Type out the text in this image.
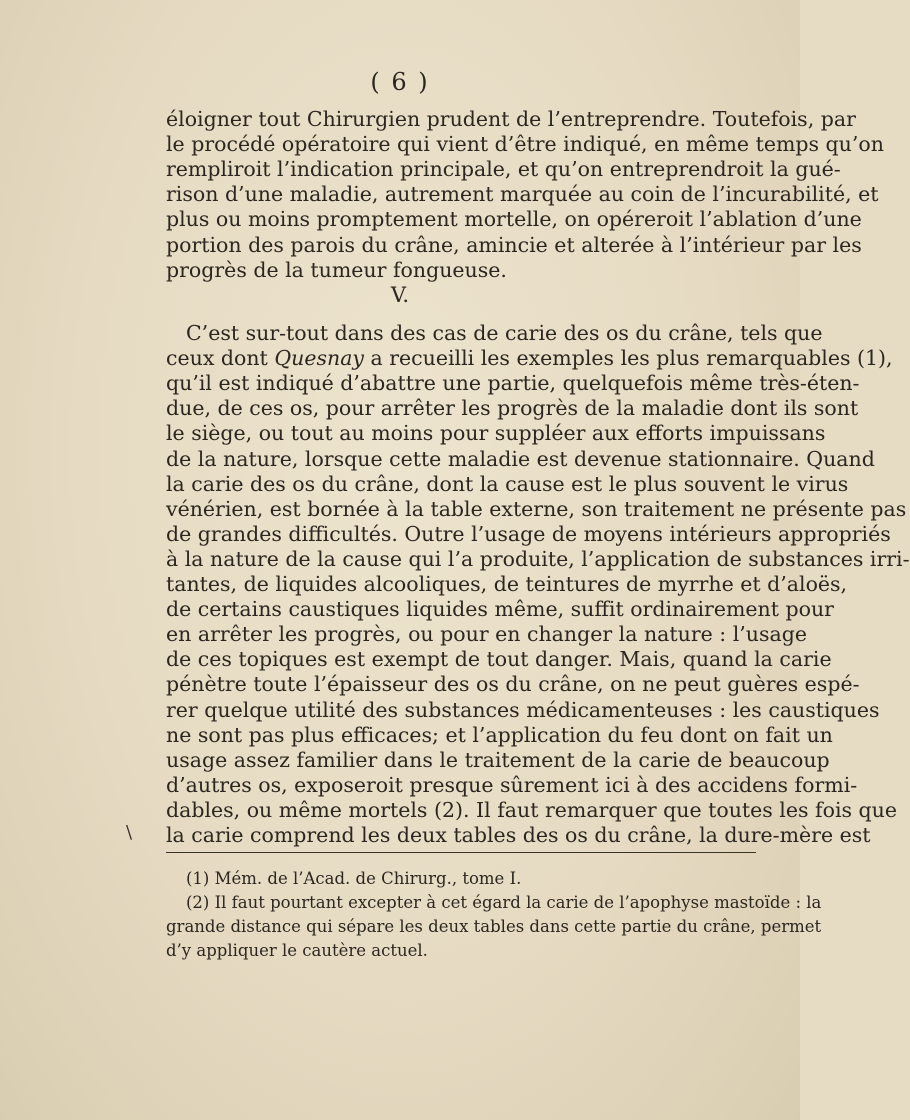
( 6 )
éloigner tout Chirurgien prudent de l’entreprendre. Toutefois, par
le procédé opératoire qui vient d’être indiqué, en même temps qu’on
rempliroit l’indication principale, et qu’on entreprendroit la gué-
rison d’une maladie, autrement marquée au coin de l’incurabilité, et
plus ou moins promptement mortelle, on opéreroit l’ablation d’une
portion des parois du crâne, amincie et alterée à l’intérieur par les
progrès de la tumeur fongueuse.
V.
C’est sur-tout dans des cas de carie des os du crâne, tels que
ceux dont Quesnay a recueilli les exemples les plus remarquables (1),
qu’il est indiqué d’abattre une partie, quelquefois même très-éten-
due, de ces os, pour arrêter les progrès de la maladie dont ils sont
le siège, ou tout au moins pour suppléer aux efforts impuissans
de la nature, lorsque cette maladie est devenue stationnaire. Quand
la carie des os du crâne, dont la cause est le plus souvent le virus
vénérien, est bornée à la table externe, son traitement ne présente pas
de grandes difficultés. Outre l’usage de moyens intérieurs appropriés
à la nature de la cause qui l’a produite, l’application de substances irri-
tantes, de liquides alcooliques, de teintures de myrrhe et d’aloës,
de certains caustiques liquides même, suffit ordinairement pour
en arrêter les progrès, ou pour en changer la nature : l’usage
de ces topiques est exempt de tout danger. Mais, quand la carie
pénètre toute l’épaisseur des os du crâne, on ne peut guères espé-
rer quelque utilité des substances médicamenteuses : les caustiques
ne sont pas plus efficaces; et l’application du feu dont on fait un
usage assez familier dans le traitement de la carie de beaucoup
d’autres os, exposeroit presque sûrement ici à des accidens formi-
dables, ou même mortels (2). Il faut remarquer que toutes les fois que
la carie comprend les deux tables des os du crâne, la dure-mère est
\
(1) Mém. de l’Acad. de Chirurg., tome I.
(2) Il faut pourtant excepter à cet égard la carie de l’apophyse mastoïde : la
grande distance qui sépare les deux tables dans cette partie du crâne, permet
d’y appliquer le cautère actuel.
